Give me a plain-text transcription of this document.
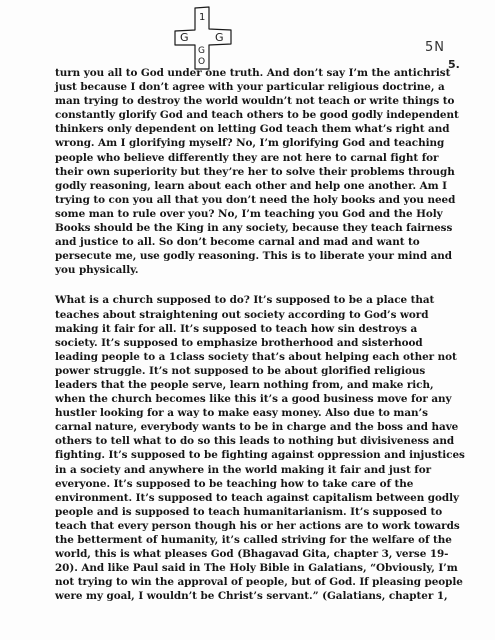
1
G
G
G
O
5N
5.
turn you all to God under one truth. And don’t say I’m the antichrist
just because I don’t agree with your particular religious doctrine, a
man trying to destroy the world wouldn’t not teach or write things to
constantly glorify God and teach others to be good godly independent
thinkers only dependent on letting God teach them what’s right and
wrong. Am I glorifying myself? No, I’m glorifying God and teaching
people who believe differently they are not here to carnal fight for
their own superiority but they’re her to solve their problems through
godly reasoning, learn about each other and help one another. Am I
trying to con you all that you don’t need the holy books and you need
some man to rule over you? No, I’m teaching you God and the Holy
Books should be the King in any society, because they teach fairness
and justice to all. So don’t become carnal and mad and want to
persecute me, use godly reasoning. This is to liberate your mind and
you physically.
What is a church supposed to do? It’s supposed to be a place that
teaches about straightening out society according to God’s word
making it fair for all. It’s supposed to teach how sin destroys a
society. It’s supposed to emphasize brotherhood and sisterhood
leading people to a 1class society that’s about helping each other not
power struggle. It’s not supposed to be about glorified religious
leaders that the people serve, learn nothing from, and make rich,
when the church becomes like this it’s a good business move for any
hustler looking for a way to make easy money. Also due to man’s
carnal nature, everybody wants to be in charge and the boss and have
others to tell what to do so this leads to nothing but divisiveness and
fighting. It’s supposed to be fighting against oppression and injustices
in a society and anywhere in the world making it fair and just for
everyone. It’s supposed to be teaching how to take care of the
environment. It’s supposed to teach against capitalism between godly
people and is supposed to teach humanitarianism. It’s supposed to
teach that every person though his or her actions are to work towards
the betterment of humanity, it’s called striving for the welfare of the
world, this is what pleases God (Bhagavad Gita, chapter 3, verse 19-
20). And like Paul said in The Holy Bible in Galatians, “Obviously, I’m
not trying to win the approval of people, but of God. If pleasing people
were my goal, I wouldn’t be Christ’s servant.” (Galatians, chapter 1,
